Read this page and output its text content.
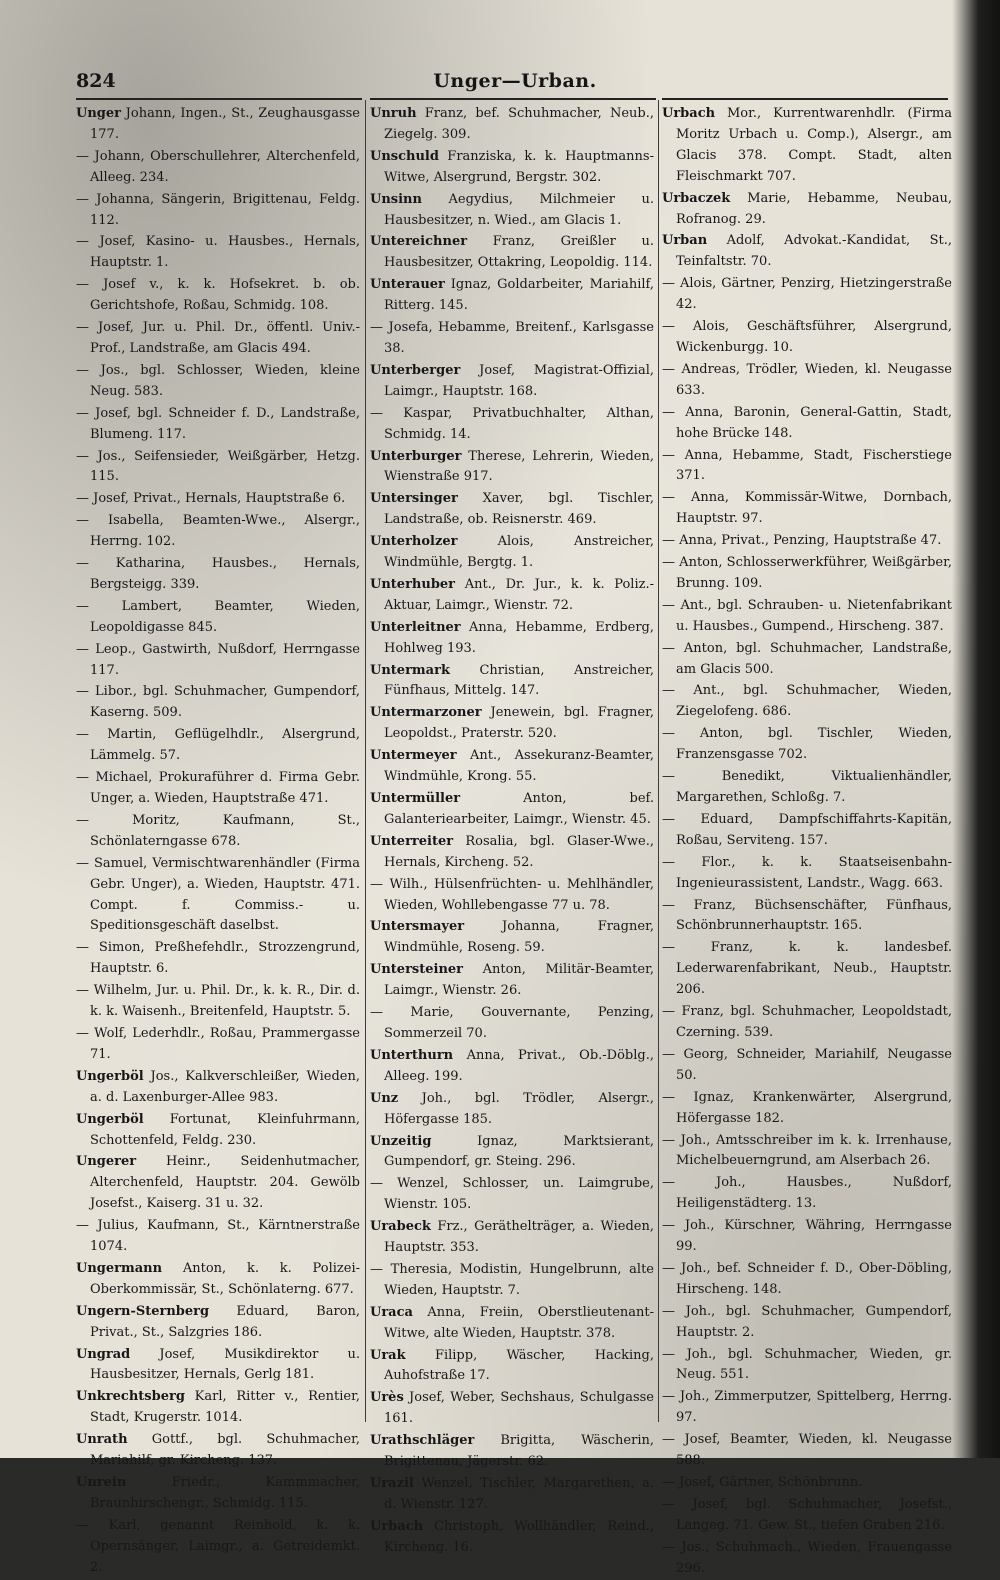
824	Unger—Urban.

Unger Johann, Ingen., St., Zeughausgasse 177.

— Johann, Oberschullehrer, Alterchenfeld, Alleeg. 234.

— Johanna, Sängerin, Brigittenau, Feldg. 112.

— Josef, Kasino- u. Hausbes., Hernals, Hauptstr. 1.

— Josef v., k. k. Hofsekret. b. ob. Gerichtshofe, Roßau, Schmidg. 108.

— Josef, Jur. u. Phil. Dr., öffentl. Univ.-Prof., Landstraße, am Glacis 494.

— Jos., bgl. Schlosser, Wieden, kleine Neug. 583.

— Josef, bgl. Schneider f. D., Landstraße, Blumeng. 117.

— Jos., Seifensieder, Weißgärber, Hetzg. 115.

— Josef, Privat., Hernals, Hauptstraße 6.

— Isabella, Beamten-Wwe., Alsergr., Herrng. 102.

— Katharina, Hausbes., Hernals, Bergsteigg. 339.

— Lambert, Beamter, Wieden, Leopoldigasse 845.

— Leop., Gastwirth, Nußdorf, Herrngasse 117.

— Libor., bgl. Schuhmacher, Gumpendorf, Kaserng. 509.

— Martin, Geflügelhdlr., Alsergrund, Lämmelg. 57.

— Michael, Prokuraführer d. Firma Gebr. Unger, a. Wieden, Hauptstraße 471.

— Moritz, Kaufmann, St., Schönlaterngasse 678.

— Samuel, Vermischtwarenhändler (Firma Gebr. Unger), a. Wieden, Hauptstr. 471. Compt. f. Commiss.- u. Speditionsgeschäft daselbst.

— Simon, Preßhefehdlr., Strozzengrund, Hauptstr. 6.

— Wilhelm, Jur. u. Phil. Dr., k. k. R., Dir. d. k. k. Waisenh., Breitenfeld, Hauptstr. 5.

— Wolf, Lederhdlr., Roßau, Prammergasse 71.

Ungerböl Jos., Kalkverschleißer, Wieden, a. d. Laxenburger-Allee 983.

Ungerböl Fortunat, Kleinfuhrmann, Schottenfeld, Feldg. 230.

Ungerer Heinr., Seidenhutmacher, Alterchenfeld, Hauptstr. 204. Gewölb Josefst., Kaiserg. 31 u. 32.

— Julius, Kaufmann, St., Kärntnerstraße 1074.

Ungermann Anton, k. k. Polizei-Oberkommissär, St., Schönlaterng. 677.

Ungern-Sternberg Eduard, Baron, Privat., St., Salzgries 186.

Ungrad Josef, Musikdirektor u. Hausbesitzer, Hernals, Gerlg 181.

Unkrechtsberg Karl, Ritter v., Rentier, Stadt, Krugerstr. 1014.

Unrath Gottf., bgl. Schuhmacher, Mariahilf, gr. Kircheng. 137.

Unrein Friedr., Kammmacher, Braunhirschengr., Schmidg. 115.

— Karl, genannt Reinhold, k. k. Opernsänger, Laimgr., a. Getreidemkt. 2.

Unruh Franz, bef. Schuhmacher, Neub., Ziegelg. 309.

Unschuld Franziska, k. k. Hauptmanns-Witwe, Alsergrund, Bergstr. 302.

Unsinn Aegydius, Milchmeier u. Hausbesitzer, n. Wied., am Glacis 1.

Untereichner Franz, Greißler u. Hausbesitzer, Ottakring, Leopoldig. 114.

Unterauer Ignaz, Goldarbeiter, Mariahilf, Ritterg. 145.

— Josefa, Hebamme, Breitenf., Karlsgasse 38.

Unterberger Josef, Magistrat-Offizial, Laimgr., Hauptstr. 168.

— Kaspar, Privatbuchhalter, Althan, Schmidg. 14.

Unterburger Therese, Lehrerin, Wieden, Wienstraße 917.

Untersinger Xaver, bgl. Tischler, Landstraße, ob. Reisnerstr. 469.

Unterholzer Alois, Anstreicher, Windmühle, Bergtg. 1.

Unterhuber Ant., Dr. Jur., k. k. Poliz.-Aktuar, Laimgr., Wienstr. 72.

Unterleitner Anna, Hebamme, Erdberg, Hohlweg 193.

Untermark Christian, Anstreicher, Fünfhaus, Mittelg. 147.

Untermarzoner Jenewein, bgl. Fragner, Leopoldst., Praterstr. 520.

Untermeyer Ant., Assekuranz-Beamter, Windmühle, Krong. 55.

Untermüller Anton, bef. Galanteriearbeiter, Laimgr., Wienstr. 45.

Unterreiter Rosalia, bgl. Glaser-Wwe., Hernals, Kircheng. 52.

— Wilh., Hülsenfrüchten- u. Mehlhändler, Wieden, Wohllebengasse 77 u. 78.

Untersmayer Johanna, Fragner, Windmühle, Roseng. 59.

Untersteiner Anton, Militär-Beamter, Laimgr., Wienstr. 26.

— Marie, Gouvernante, Penzing, Sommerzeil 70.

Unterthurn Anna, Privat., Ob.-Döblg., Alleeg. 199.

Unz Joh., bgl. Trödler, Alsergr., Höfergasse 185.

Unzeitig Ignaz, Marktsierant, Gumpendorf, gr. Steing. 296.

— Wenzel, Schlosser, un. Laimgrube, Wienstr. 105.

Urabeck Frz., Gerätheltr​äger, a. Wieden, Hauptstr. 353.

— Theresia, Modistin, Hungelbrunn, alte Wieden, Hauptstr. 7.

Uraca Anna, Freiin, Oberstlieutenant-Witwe, alte Wieden, Hauptstr. 378.

Urak Filipp, Wäscher, Hacking, Auhofstraße 17.

Urès Josef, Weber, Sechshaus, Schulgasse 161.

Urathschläger Brigitta, Wäscherin, Brigittenau, Jägerstr. 62.

Urazil Wenzel, Tischler, Margarethen, a. d. Wienstr. 127.

Urbach Christoph, Wollhändler, Reind., Kircheng. 16.

Urbach Mor., Kurrentwarenhdlr. (Firma Moritz Urbach u. Comp.), Alsergr., am Glacis 378. Compt. Stadt, alten Fleischmarkt 707.

Urbaczek Marie, Hebamme, Neubau, Rofranog. 29.

Urban Adolf, Advokat.-Kandidat, St., Teinfaltstr. 70.

— Alois, Gärtner, Penzirg, Hietzingerstraße 42.

— Alois, Geschäftsführer, Alsergrund, Wickenburgg. 10.

— Andreas, Trödler, Wieden, kl. Neugasse 633.

— Anna, Baronin, General-Gattin, Stadt, hohe Brücke 148.

— Anna, Hebamme, Stadt, Fischerstiege 371.

— Anna, Kommissär-Witwe, Dornbach, Hauptstr. 97.

— Anna, Privat., Penzing, Hauptstraße 47.

— Anton, Schlosserwerkführer, Weißgärber, Brunng. 109.

— Ant., bgl. Schrauben- u. Nietenfabrikant u. Hausbes., Gumpend., Hirscheng. 387.

— Anton, bgl. Schuhmacher, Landstraße, am Glacis 500.

— Ant., bgl. Schuhmacher, Wieden, Ziegelofeng. 686.

— Anton, bgl. Tischler, Wieden, Franzensgasse 702.

— Benedikt, Viktualienhändler, Margarethen, Schloßg. 7.

— Eduard, Dampfschiffahrts-Kapitän, Roßau, Serviteng. 157.

— Flor., k. k. Staatseisenbahn-Ingenieurassistent, Landstr., Wagg. 663.

— Franz, Büchsenschäfter, Fünfhaus, Schönbrunnerhauptstr. 165.

— Franz, k. k. landesbef. Lederwarenfabrikant, Neub., Hauptstr. 206.

— Franz, bgl. Schuhmacher, Leopoldstadt, Czerning. 539.

— Georg, Schneider, Mariahilf, Neugasse 50.

— Ignaz, Krankenwärter, Alsergrund, Höfergasse 182.

— Joh., Amtsschreiber im k. k. Irrenhause, Michelbeuerngrund, am Alserbach 26.

— Joh., Hausbes., Nußdorf, Heiligenstädterg. 13.

— Joh., Kürschner, Währing, Herrngasse 99.

— Joh., bef. Schneider f. D., Ober-Döbling, Hirscheng. 148.

— Joh., bgl. Schuhmacher, Gumpendorf, Hauptstr. 2.

— Joh., bgl. Schuhmacher, Wieden, gr. Neug. 551.

— Joh., Zimmerputzer, Spittelberg, Herrng. 97.

— Josef, Beamter, Wieden, kl. Neugasse 588.

— Josef, Gärtner, Schönbrunn.

— Josef, bgl. Schuhmacher, Josefst., Langeg. 71. Gew. St., tiefen Graben 216.

— Jos., Schuhmach., Wieden, Frauengasse 296.
